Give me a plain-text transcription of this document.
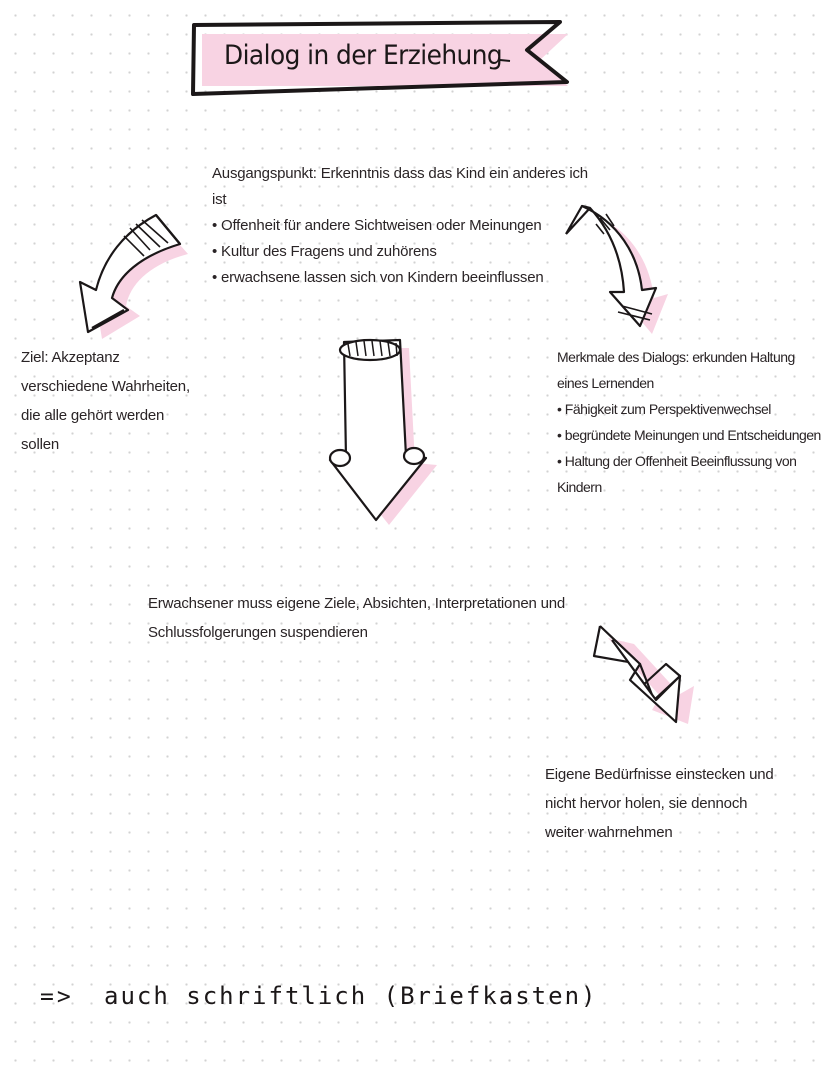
Dialog in der Erziehung
Ausgangspunkt: Erkenntnis dass das Kind ein anderes ich
ist
• Offenheit für andere Sichtweisen oder Meinungen
• Kultur des Fragens und zuhörens
• erwachsene lassen sich von Kindern beeinflussen
Ziel: Akzeptanz
verschiedene Wahrheiten,
die alle gehört werden
sollen
Merkmale des Dialogs: erkunden Haltung
eines Lernenden
• Fähigkeit zum Perspektivenwechsel
• begründete Meinungen und Entscheidungen
• Haltung der Offenheit Beeinflussung von
Kindern
Erwachsener muss eigene Ziele, Absichten, Interpretationen und
Schlussfolgerungen suspendieren
Eigene Bedürfnisse einstecken und
nicht hervor holen, sie dennoch
weiter wahrnehmen
=> auch schriftlich (Briefkasten)
